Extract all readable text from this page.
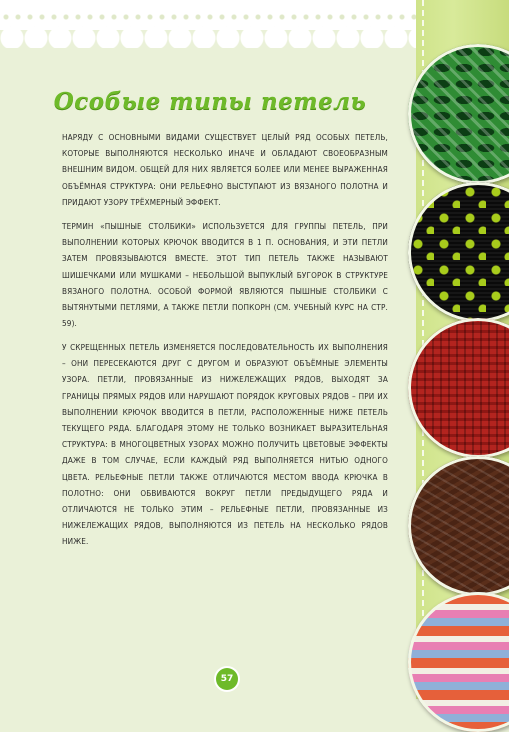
Особые типы петель

НАРЯДУ С ОСНОВНЫМИ ВИДАМИ СУЩЕСТВУЕТ ЦЕЛЫЙ РЯД ОСОБЫХ ПЕТЕЛЬ, КОТОРЫЕ ВЫПОЛНЯЮТСЯ НЕСКОЛЬКО ИНАЧЕ И ОБЛАДАЮТ СВОЕОБРАЗНЫМ ВНЕШНИМ ВИДОМ. ОБЩЕЙ ДЛЯ НИХ ЯВЛЯЕТСЯ БОЛЕЕ ИЛИ МЕНЕЕ ВЫРАЖЕННАЯ ОБЪЁМНАЯ СТРУКТУРА: ОНИ РЕЛЬЕФНО ВЫСТУПАЮТ ИЗ ВЯЗАНОГО ПОЛОТНА И ПРИДАЮТ УЗОРУ ТРЁХМЕРНЫЙ ЭФФЕКТ.

ТЕРМИН «ПЫШНЫЕ СТОЛБИКИ» ИСПОЛЬЗУЕТСЯ ДЛЯ ГРУППЫ ПЕТЕЛЬ, ПРИ ВЫПОЛНЕНИИ КОТОРЫХ КРЮЧОК ВВОДИТСЯ В 1 П. ОСНОВАНИЯ, И ЭТИ ПЕТЛИ ЗАТЕМ ПРОВЯЗЫВАЮТСЯ ВМЕСТЕ. ЭТОТ ТИП ПЕТЕЛЬ ТАКЖЕ НАЗЫВАЮТ ШИШЕЧКАМИ ИЛИ МУШКАМИ – НЕБОЛЬШОЙ ВЫПУКЛЫЙ БУГОРОК В СТРУКТУРЕ ВЯЗАНОГО ПОЛОТНА. ОСОБОЙ ФОРМОЙ ЯВЛЯЮТСЯ ПЫШНЫЕ СТОЛБИКИ С ВЫТЯНУТЫМИ ПЕТЛЯМИ, А ТАКЖЕ ПЕТЛИ ПОПКОРН (СМ. УЧЕБНЫЙ КУРС НА СТР. 59).

У СКРЕЩЕННЫХ ПЕТЕЛЬ ИЗМЕНЯЕТСЯ ПОСЛЕДОВАТЕЛЬНОСТЬ ИХ ВЫПОЛНЕНИЯ – ОНИ ПЕРЕСЕКАЮТСЯ ДРУГ С ДРУГОМ И ОБРАЗУЮТ ОБЪЁМНЫЕ ЭЛЕМЕНТЫ УЗОРА. ПЕТЛИ, ПРОВЯЗАННЫЕ ИЗ НИЖЕЛЕЖАЩИХ РЯДОВ, ВЫХОДЯТ ЗА ГРАНИЦЫ ПРЯМЫХ РЯДОВ ИЛИ НАРУШАЮТ ПОРЯДОК КРУГОВЫХ РЯДОВ – ПРИ ИХ ВЫПОЛНЕНИИ КРЮЧОК ВВОДИТСЯ В ПЕТЛИ, РАСПОЛОЖЕННЫЕ НИЖЕ ПЕТЕЛЬ ТЕКУЩЕГО РЯДА. БЛАГОДАРЯ ЭТОМУ НЕ ТОЛЬКО ВОЗНИКАЕТ ВЫРАЗИТЕЛЬНАЯ СТРУКТУРА: В МНОГОЦВЕТНЫХ УЗОРАХ МОЖНО ПОЛУЧИТЬ ЦВЕТОВЫЕ ЭФФЕКТЫ ДАЖЕ В ТОМ СЛУЧАЕ, ЕСЛИ КАЖДЫЙ РЯД ВЫПОЛНЯЕТСЯ НИТЬЮ ОДНОГО ЦВЕТА. РЕЛЬЕФНЫЕ ПЕТЛИ ТАКЖЕ ОТЛИЧАЮТСЯ МЕСТОМ ВВОДА КРЮЧКА В ПОЛОТНО: ОНИ ОБВИВАЮТСЯ ВОКРУГ ПЕТЛИ ПРЕДЫДУЩЕГО РЯДА И ОТЛИЧАЮТСЯ НЕ ТОЛЬКО ЭТИМ – РЕЛЬЕФНЫЕ ПЕТЛИ, ПРОВЯЗАННЫЕ ИЗ НИЖЕЛЕЖАЩИХ РЯДОВ, ВЫПОЛНЯЮТСЯ ИЗ ПЕТЕЛЬ НА НЕСКОЛЬКО РЯДОВ НИЖЕ.

57
